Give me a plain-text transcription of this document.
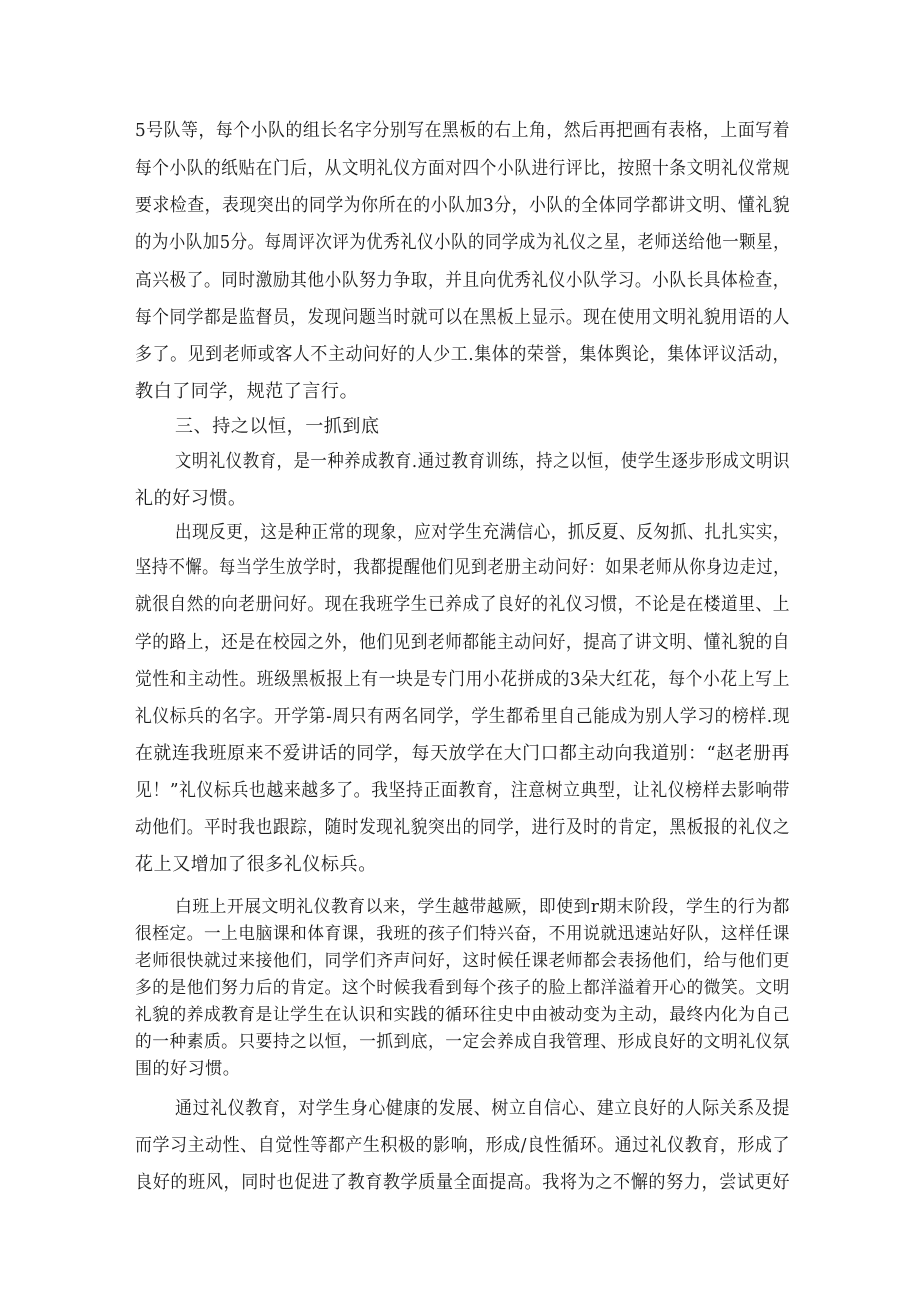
5号队等，每个小队的组长名字分别写在黑板的右上角，然后再把画有表格，上面写着
每个小队的纸贴在门后，从文明礼仪方面对四个小队进行评比，按照十条文明礼仪常规
要求检查，表现突出的同学为你所在的小队加3分，小队的全体同学都讲文明、懂礼貌
的为小队加5分。每周评次评为优秀礼仪小队的同学成为礼仪之星，老师送给他一颗星，
高兴极了。同时激励其他小队努力争取，并且向优秀礼仪小队学习。小队长具体检查，
每个同学都是监督员，发现问题当时就可以在黑板上显示。现在使用文明礼貌用语的人
多了。见到老师或客人不主动问好的人少工.集体的荣誉，集体舆论，集体评议活动，
教白了同学，规范了言行。
三、持之以恒，一抓到底
文明礼仪教育，是一种养成教育.通过教育训练，持之以恒，使学生逐步形成文明识
礼的好习惯。
出现反更，这是种正常的现象，应对学生充满信心，抓反夏、反匆抓、扎扎实实，
坚持不懈。每当学生放学时，我都提醒他们见到老册主动问好：如果老师从你身边走过，
就很自然的向老册问好。现在我班学生已养成了良好的礼仪习惯，不论是在楼道里、上
学的路上，还是在校园之外，他们见到老师都能主动问好，提高了讲文明、懂礼貌的自
觉性和主动性。班级黑板报上有一块是专门用小花拼成的3朵大红花，每个小花上写上
礼仪标兵的名字。开学第-周只有两名同学，学生都希里自己能成为别人学习的榜样.现
在就连我班原来不爱讲话的同学，每天放学在大门口都主动向我道别：“赵老册再
见！”礼仪标兵也越来越多了。我坚持正面教育，注意树立典型，让礼仪榜样去影响带
动他们。平时我也跟踪，随时发现礼貌突出的同学，进行及时的肯定，黑板报的礼仪之
花上又增加了很多礼仪标兵。
白班上开展文明礼仪教育以来，学生越带越厥，即使到r期末阶段，学生的行为都
很桎定。一上电脑课和体育课，我班的孩子们特兴奋，不用说就迅速站好队，这样任课
老师很快就过来接他们，同学们齐声问好，这时候任课老师都会表扬他们，给与他们更
多的是他们努力后的肯定。这个时候我看到每个孩子的脸上都洋溢着开心的微笑。文明
礼貌的养成教育是让学生在认识和实践的循环往史中由被动变为主动，最终内化为自己
的一种素质。只要持之以恒，一抓到底，一定会养成自我管理、形成良好的文明礼仪氛
围的好习惯。
通过礼仪教育，对学生身心健康的发展、树立自信心、建立良好的人际关系及提
而学习主动性、自觉性等都产生积极的影响，形成/良性循环。通过礼仪教育，形成了
良好的班风，同时也促进了教育教学质量全面提高。我将为之不懈的努力，尝试更好
